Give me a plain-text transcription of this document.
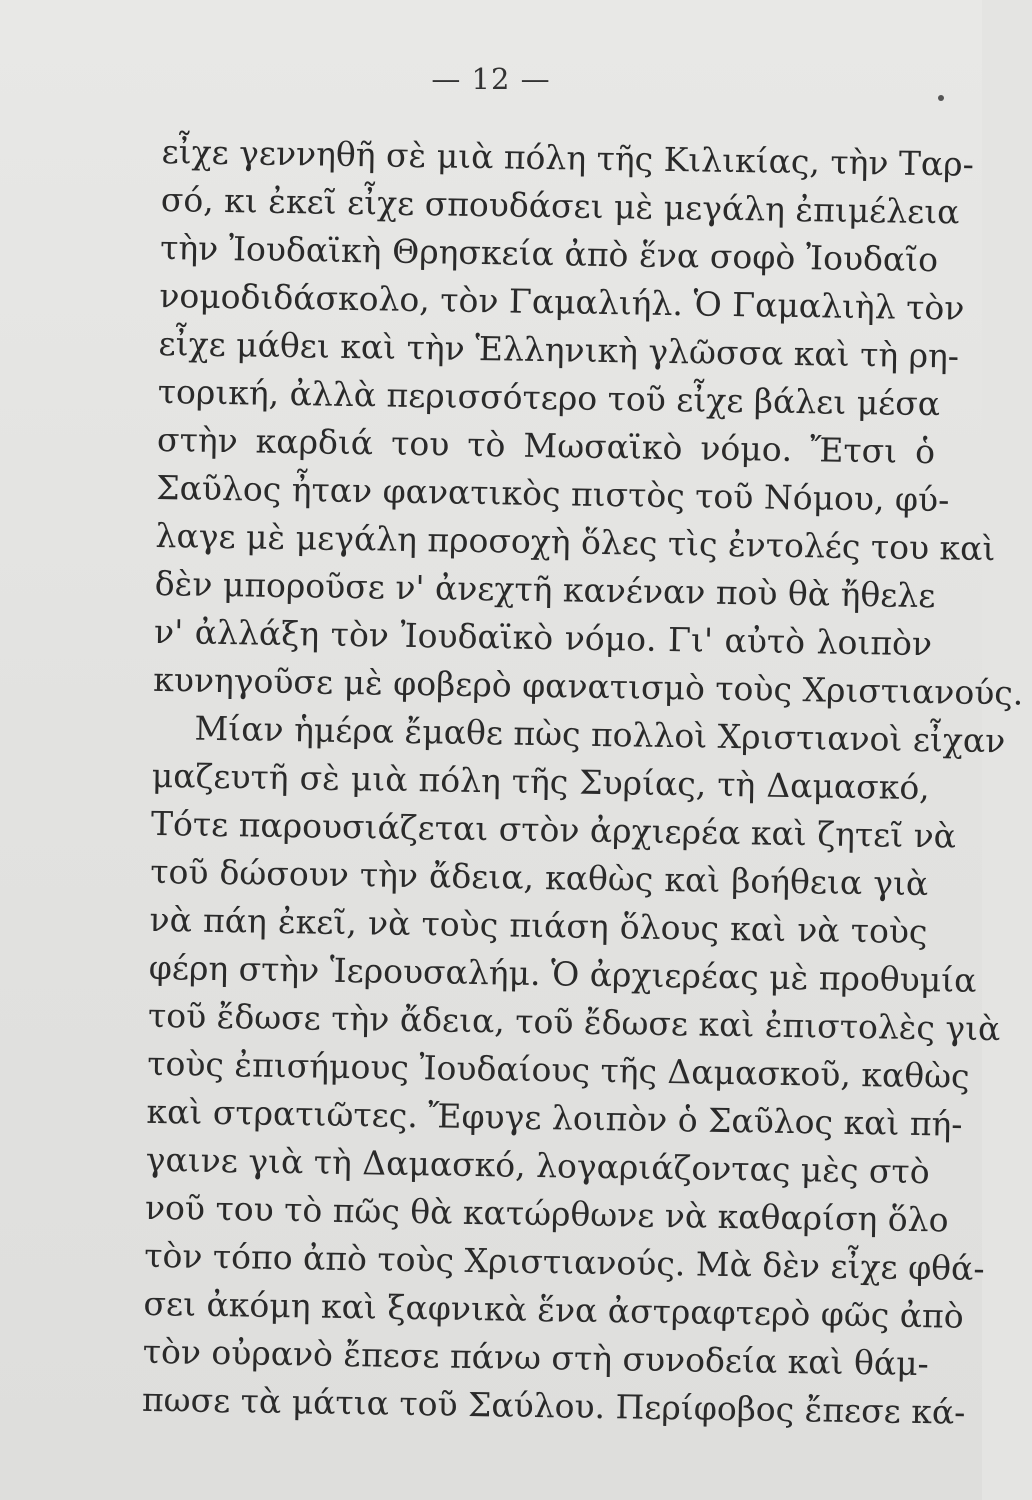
— 12 —
εἶχε γεννηθῆ σὲ μιὰ πόλη τῆς Κιλικίας, τὴν Ταρ-
σό, κι ἐκεῖ εἶχε σπουδάσει μὲ μεγάλη ἐπιμέλεια
τὴν Ἰουδαϊκὴ Θρησκεία ἀπὸ ἕνα σοφὸ Ἰουδαῖο
νομοδιδάσκολο, τὸν Γαμαλιήλ. Ὁ Γαμαλιὴλ τὸν
εἶχε μάθει καὶ τὴν Ἑλληνικὴ γλῶσσα καὶ τὴ ρη-
τορική, ἀλλὰ περισσότερο τοῦ εἶχε βάλει μέσα
στὴν καρδιά του τὸ Μωσαϊκὸ νόμο. Ἔτσι ὁ
Σαῦλος ἦταν φανατικὸς πιστὸς τοῦ Νόμου, φύ-
λαγε μὲ μεγάλη προσοχὴ ὅλες τὶς ἐντολές του καὶ
δὲν μποροῦσε ν' ἀνεχτῆ κανέναν ποὺ θὰ ἤθελε
ν' ἀλλάξη τὸν Ἰουδαϊκὸ νόμο. Γι' αὐτὸ λοιπὸν
κυνηγοῦσε μὲ φοβερὸ φανατισμὸ τοὺς Χριστιανούς.
Μίαν ἡμέρα ἔμαθε πὼς πολλοὶ Χριστιανοὶ εἶχαν
μαζευτῆ σὲ μιὰ πόλη τῆς Συρίας, τὴ Δαμασκό,
Τότε παρουσιάζεται στὸν ἀρχιερέα καὶ ζητεῖ νὰ
τοῦ δώσουν τὴν ἄδεια, καθὼς καὶ βοήθεια γιὰ
νὰ πάη ἐκεῖ, νὰ τοὺς πιάση ὅλους καὶ νὰ τοὺς
φέρη στὴν Ἱερουσαλήμ. Ὁ ἀρχιερέας μὲ προθυμία
τοῦ ἔδωσε τὴν ἄδεια, τοῦ ἔδωσε καὶ ἐπιστολὲς γιὰ
τοὺς ἐπισήμους Ἰουδαίους τῆς Δαμασκοῦ, καθὼς
καὶ στρατιῶτες. Ἔφυγε λοιπὸν ὁ Σαῦλος καὶ πή-
γαινε γιὰ τὴ Δαμασκό, λογαριάζοντας μὲς στὸ
νοῦ του τὸ πῶς θὰ κατώρθωνε νὰ καθαρίση ὅλο
τὸν τόπο ἀπὸ τοὺς Χριστιανούς. Μὰ δὲν εἶχε φθά-
σει ἀκόμη καὶ ξαφνικὰ ἕνα ἀστραφτερὸ φῶς ἀπὸ
τὸν οὐρανὸ ἔπεσε πάνω στὴ συνοδεία καὶ θάμ-
πωσε τὰ μάτια τοῦ Σαύλου. Περίφοβος ἔπεσε κά-
